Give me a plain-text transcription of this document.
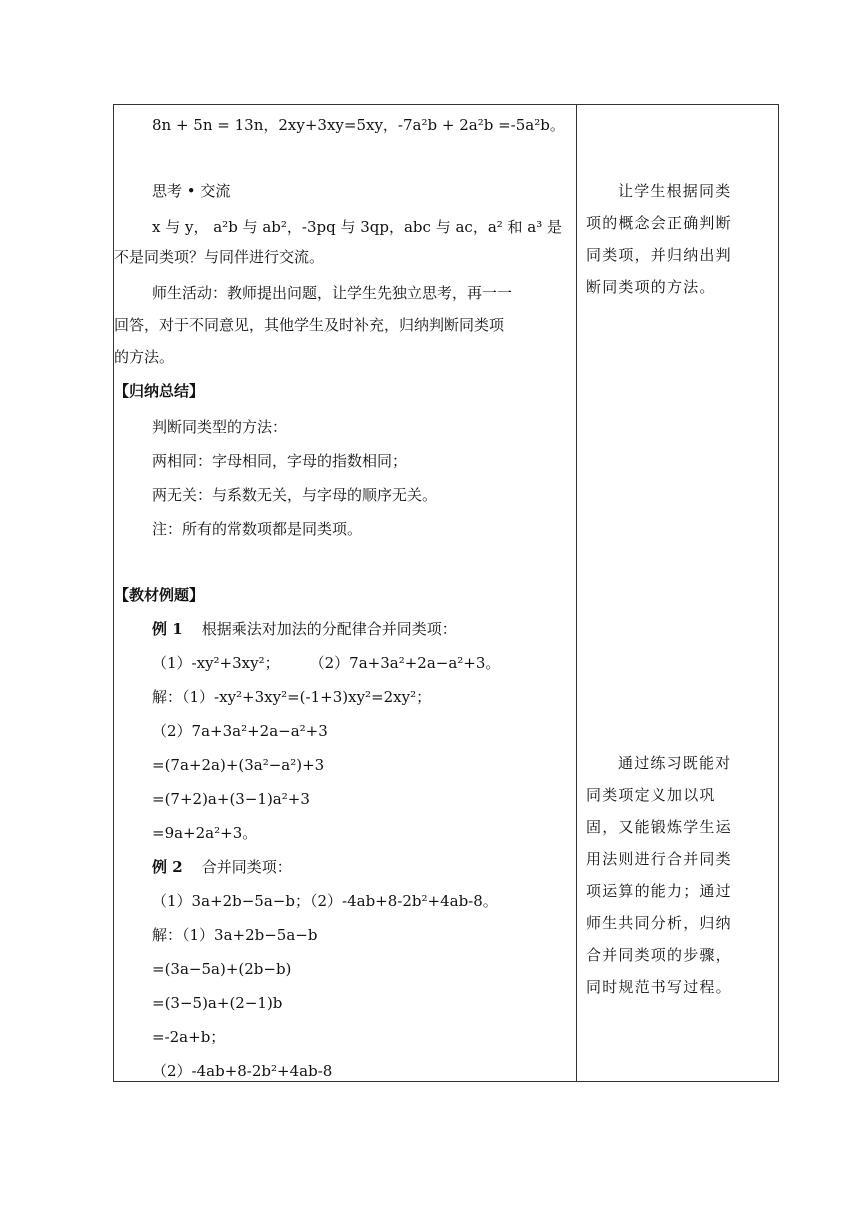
8n + 5n = 13n，2xy+3xy=5xy，-7a²b + 2a²b =-5a²b。
思考 • 交流
x 与 y， a²b 与 ab²，-3pq 与 3qp，abc 与 ac，a² 和 a³ 是
不是同类项？与同伴进行交流。
师生活动：教师提出问题，让学生先独立思考，再一一
回答，对于不同意见，其他学生及时补充，归纳判断同类项
的方法。
【归纳总结】
判断同类型的方法：
两相同：字母相同，字母的指数相同；
两无关：与系数无关，与字母的顺序无关。
注：所有的常数项都是同类项。
【教材例题】
例 1 根据乘法对加法的分配律合并同类项：
（1）-xy²+3xy²；　　　（2）7a+3a²+2a−a²+3。
解：（1）-xy²+3xy²=(-1+3)xy²=2xy²；
（2）7a+3a²+2a−a²+3
=(7a+2a)+(3a²−a²)+3
=(7+2)a+(3−1)a²+3
=9a+2a²+3。
例 2 合并同类项：
（1）3a+2b−5a−b；（2）-4ab+8-2b²+4ab-8。
解：（1）3a+2b−5a−b
=(3a−5a)+(2b−b)
=(3−5)a+(2−1)b
=-2a+b；
（2）-4ab+8-2b²+4ab-8
让学生根据同类
项的概念会正确判断
同类项，并归纳出判
断同类项的方法。
通过练习既能对
同类项定义加以巩
固，又能锻炼学生运
用法则进行合并同类
项运算的能力；通过
师生共同分析，归纳
合并同类项的步骤，
同时规范书写过程。
